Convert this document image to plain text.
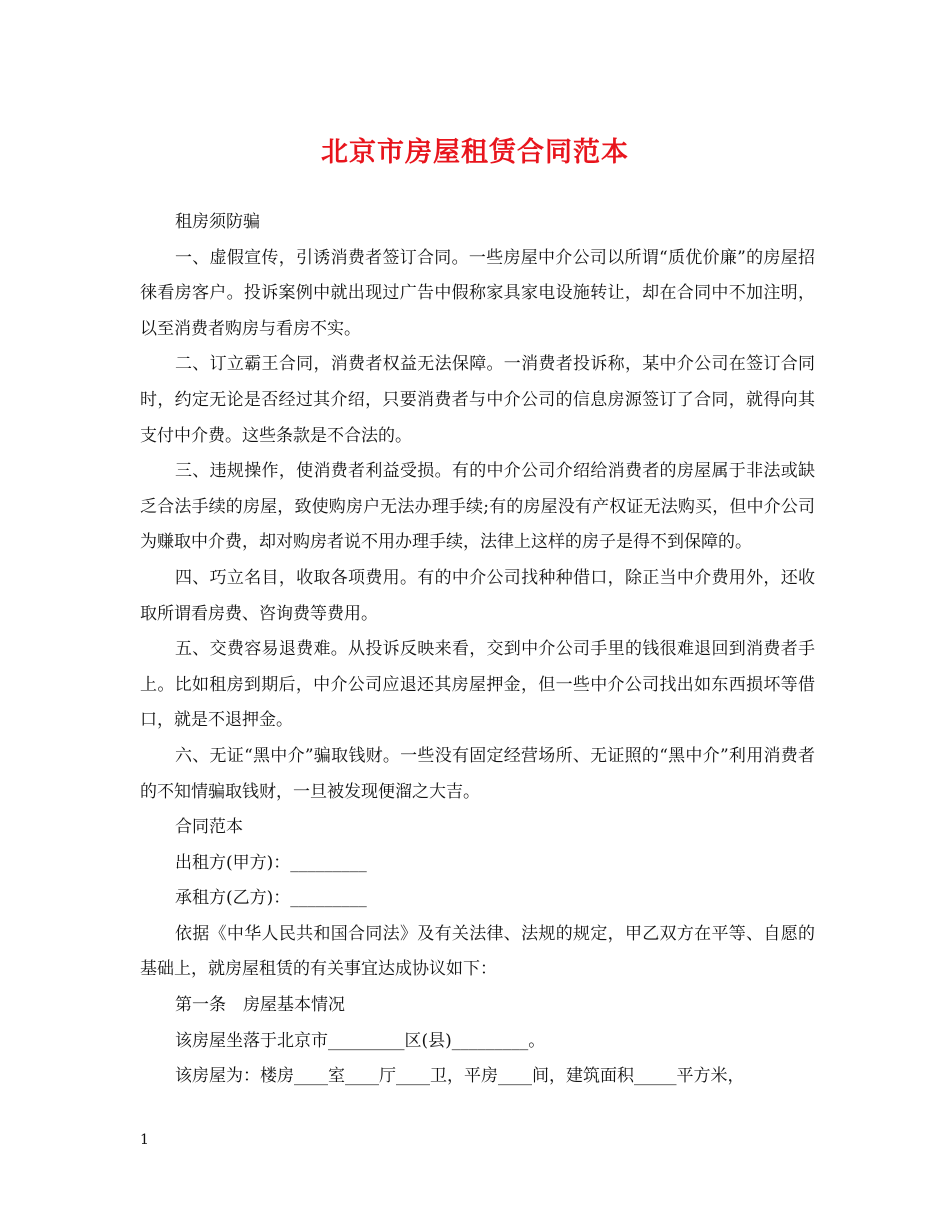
北京市房屋租赁合同范本

租房须防骗

一、虚假宣传，引诱消费者签订合同。一些房屋中介公司以所谓“质优价廉”的房屋招徕看房客户。投诉案例中就出现过广告中假称家具家电设施转让，却在合同中不加注明，以至消费者购房与看房不实。

二、订立霸王合同，消费者权益无法保障。一消费者投诉称，某中介公司在签订合同时，约定无论是否经过其介绍，只要消费者与中介公司的信息房源签订了合同，就得向其支付中介费。这些条款是不合法的。

三、违规操作，使消费者利益受损。有的中介公司介绍给消费者的房屋属于非法或缺乏合法手续的房屋，致使购房户无法办理手续;有的房屋没有产权证无法购买，但中介公司为赚取中介费，却对购房者说不用办理手续，法律上这样的房子是得不到保障的。

四、巧立名目，收取各项费用。有的中介公司找种种借口，除正当中介费用外，还收取所谓看房费、咨询费等费用。

五、交费容易退费难。从投诉反映来看，交到中介公司手里的钱很难退回到消费者手上。比如租房到期后，中介公司应退还其房屋押金，但一些中介公司找出如东西损坏等借口，就是不退押金。

六、无证“黑中介”骗取钱财。一些没有固定经营场所、无证照的“黑中介”利用消费者的不知情骗取钱财，一旦被发现便溜之大吉。

合同范本

出租方(甲方)：_________

承租方(乙方)：_________

依据《中华人民共和国合同法》及有关法律、法规的规定，甲乙双方在平等、自愿的基础上，就房屋租赁的有关事宜达成协议如下：

第一条　房屋基本情况

该房屋坐落于北京市_________区(县)_________。

该房屋为：楼房____室____厅____卫，平房____间，建筑面积_____平方米，

1
